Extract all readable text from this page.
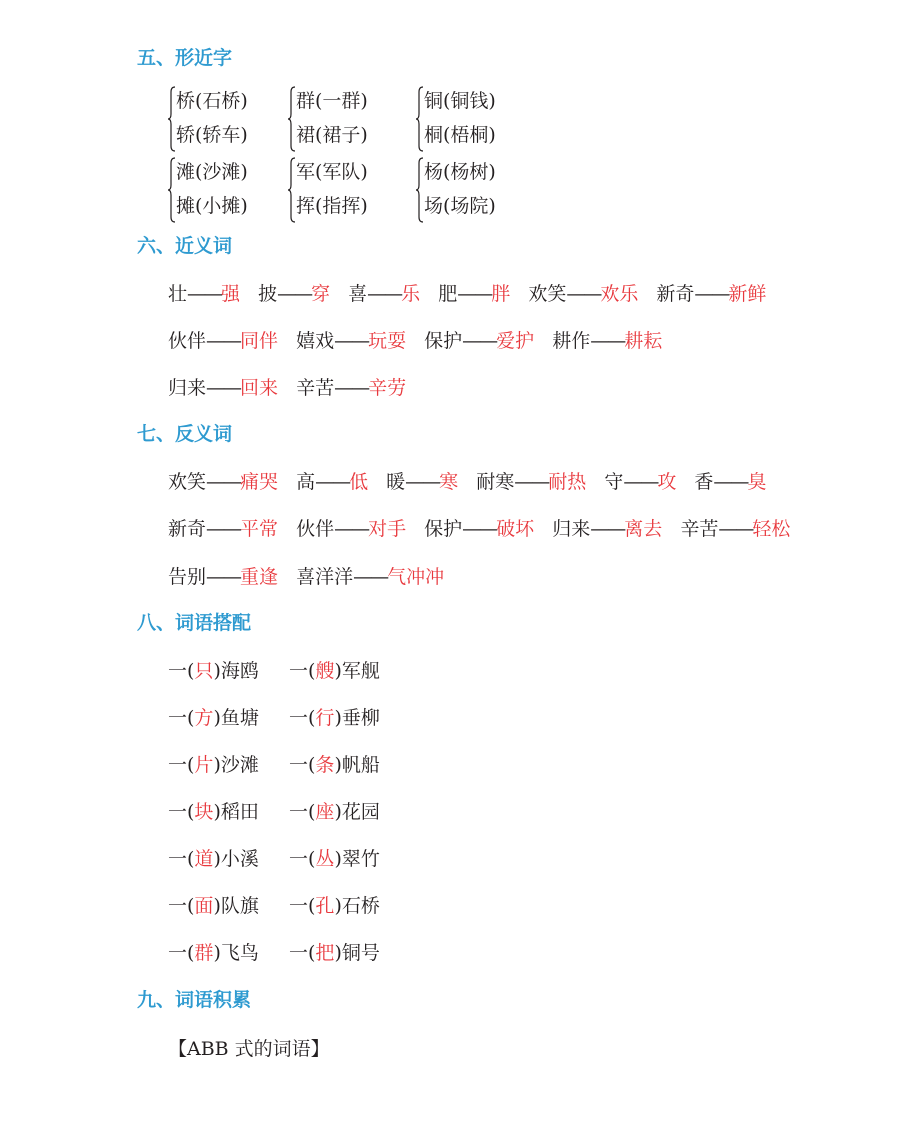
五、形近字
桥(石桥)
轿(轿车)
群(一群)
裙(裙子)
铜(铜钱)
桐(梧桐)
滩(沙滩)
摊(小摊)
军(军队)
挥(指挥)
杨(杨树)
场(场院)
六、近义词
壮——强 披——穿 喜——乐 肥——胖 欢笑——欢乐 新奇——新鲜
伙伴——同伴 嬉戏——玩耍 保护——爱护 耕作——耕耘
归来——回来 辛苦——辛劳
七、反义词
欢笑——痛哭 高——低 暖——寒 耐寒——耐热 守——攻 香——臭
新奇——平常 伙伴——对手 保护——破坏 归来——离去 辛苦——轻松
告别——重逢 喜洋洋——气冲冲
八、词语搭配
一(只)海鸥 一(艘)军舰
一(方)鱼塘 一(行)垂柳
一(片)沙滩 一(条)帆船
一(块)稻田 一(座)花园
一(道)小溪 一(丛)翠竹
一(面)队旗 一(孔)石桥
一(群)飞鸟 一(把)铜号
九、词语积累
【ABB 式的词语】
